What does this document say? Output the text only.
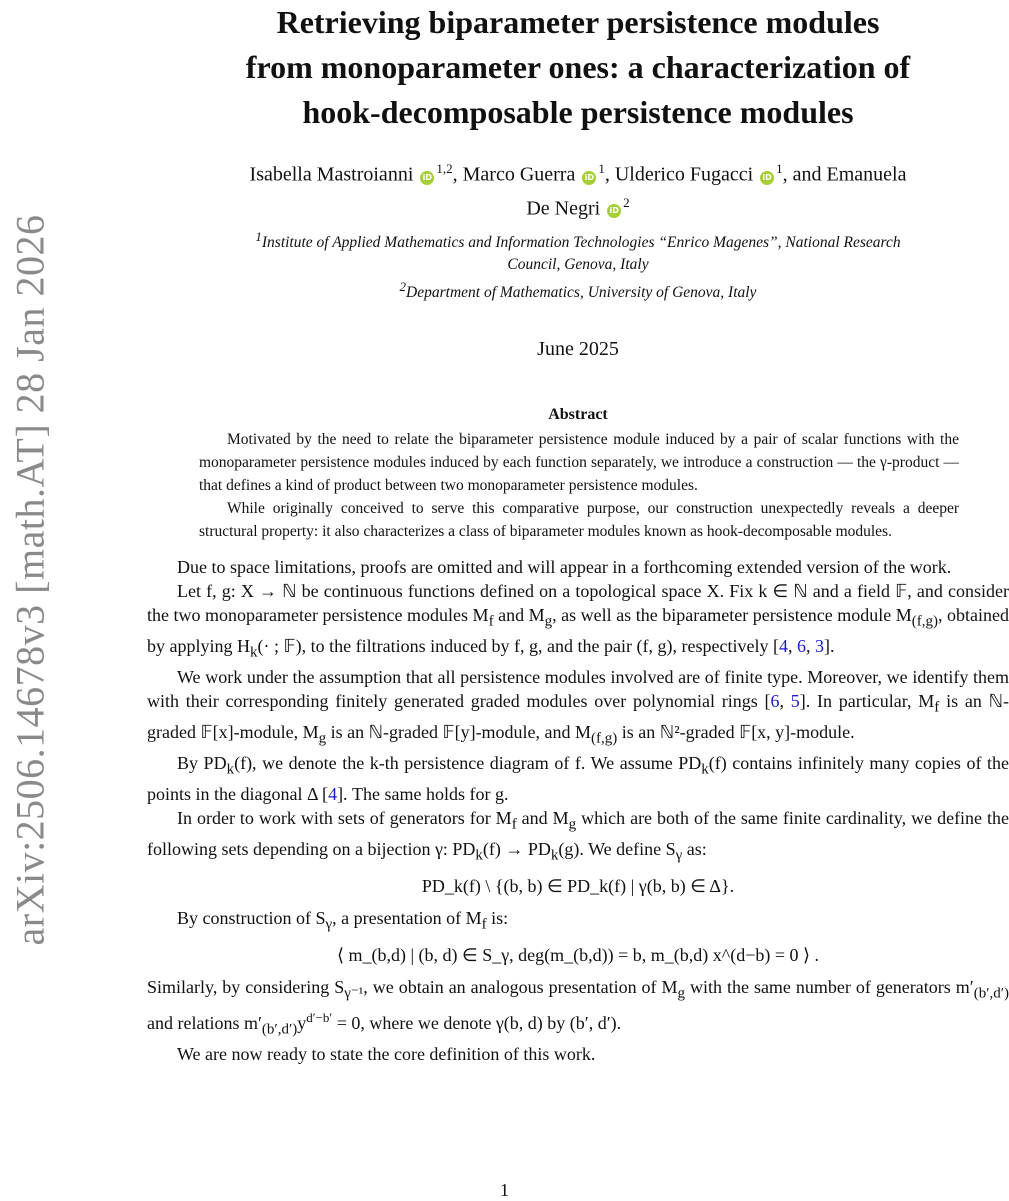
arXiv:2506.14678v3 [math.AT] 28 Jan 2026
Retrieving biparameter persistence modules
from monoparameter ones: a characterization of
hook-decomposable persistence modules
Isabella Mastroianni iD$^{1,2}$, Marco Guerra $iD^1$, Ulderico Fugacci $iD^1$, and Emanuela
De Negri $iD^2$
$^1$Institute of Applied Mathematics and Information Technologies “Enrico Magenes”, National Research
Council, Genova, Italy
$^2$Department of Mathematics, University of Genova, Italy
June 2025
Abstract

Motivated by the need to relate the biparameter persistence module induced by a pair of scalar functions with the monoparameter persistence modules induced by each function separately, we introduce a construction — the γ-product — that defines a kind of product between two monoparameter persistence modules.

While originally conceived to serve this comparative purpose, our construction unexpectedly reveals a deeper structural property: it also characterizes a class of biparameter modules known as hook-decomposable modules.

Due to space limitations, proofs are omitted and will appear in a forthcoming extended version of the work.

Let f, g: X → ℕ be continuous functions defined on a topological space X. Fix k ∈ ℕ and a field 𝔽, and consider the two monoparameter persistence modules $M_f$ and $M_g$, as well as the biparameter persistence module $M_{(f,g)}$, obtained by applying $H_k(\cdot$ ; 𝔽), to the filtrations induced by f, g, and the pair (f, g), respectively [4, 6, 3].

We work under the assumption that all persistence modules involved are of finite type. Moreover, we identify them with their corresponding finitely generated graded modules over polynomial rings [6, 5]. In particular, $M_f$ is an ℕ-graded 𝔽[x]-module, $M_g$ is an ℕ-graded 𝔽[y]-module, and $M_{(f,g)}$ is an ℕ²-graded 𝔽[x, y]-module.

By $PD_k(f)$, we denote the k-th persistence diagram of f. We assume $PD_k(f)$ contains infinitely many copies of the points in the diagonal Δ [4]. The same holds for g.

In order to work with sets of generators for $M_f$ and $M_g$ which are both of the same finite cardinality, we define the following sets depending on a bijection γ: $PD_k(f) \to PD_k(g)$. We define $S_\gamma$ as:

PD_k(f) \ {(b, b) ∈ PD_k(f) | γ(b, b) ∈ Δ}.

By construction of $S_\gamma$, a presentation of $M_f$ is:

⟨ m_(b,d) | (b, d) ∈ S_γ, deg(m_(b,d)) = b, m_(b,d) x^(d−b) = 0 ⟩ .

Similarly, by considering $S_{\gamma^{-1}}$, we obtain an analogous presentation of $M_g$ with the same number of generators $m'_{(b',d')}$ and relations $m'_{(b',d')}y^{d'-b'} = 0$, where we denote γ(b, d) by (b′, d′).

We are now ready to state the core definition of this work.

1
